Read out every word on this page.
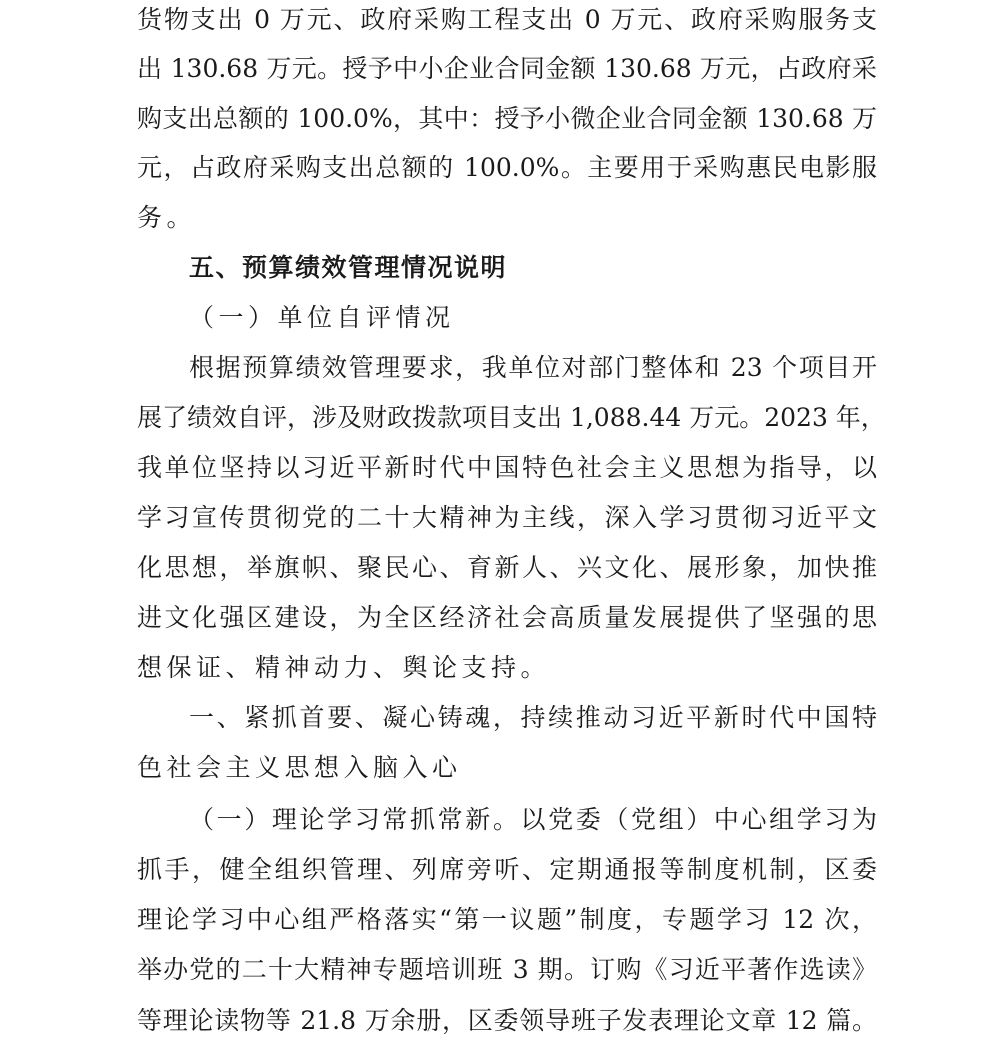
货物支出 0 万元、政府采购工程支出 0 万元、政府采购服务支
出 130.68 万元。授予中小企业合同金额 130.68 万元，占政府采
购支出总额的 100.0%，其中：授予小微企业合同金额 130.68 万
元，占政府采购支出总额的 100.0%。主要用于采购惠民电影服
务。
五、预算绩效管理情况说明
（一）单位自评情况
根据预算绩效管理要求，我单位对部门整体和 23 个项目开
展了绩效自评，涉及财政拨款项目支出 1,088.44 万元。2023 年，
我单位坚持以习近平新时代中国特色社会主义思想为指导，以
学习宣传贯彻党的二十大精神为主线，深入学习贯彻习近平文
化思想，举旗帜、聚民心、育新人、兴文化、展形象，加快推
进文化强区建设，为全区经济社会高质量发展提供了坚强的思
想保证、精神动力、舆论支持。
一、紧抓首要、凝心铸魂，持续推动习近平新时代中国特
色社会主义思想入脑入心
（一）理论学习常抓常新。以党委（党组）中心组学习为
抓手，健全组织管理、列席旁听、定期通报等制度机制，区委
理论学习中心组严格落实“第一议题”制度，专题学习 12 次，
举办党的二十大精神专题培训班 3 期。订购《习近平著作选读》
等理论读物等 21.8 万余册，区委领导班子发表理论文章 12 篇。
